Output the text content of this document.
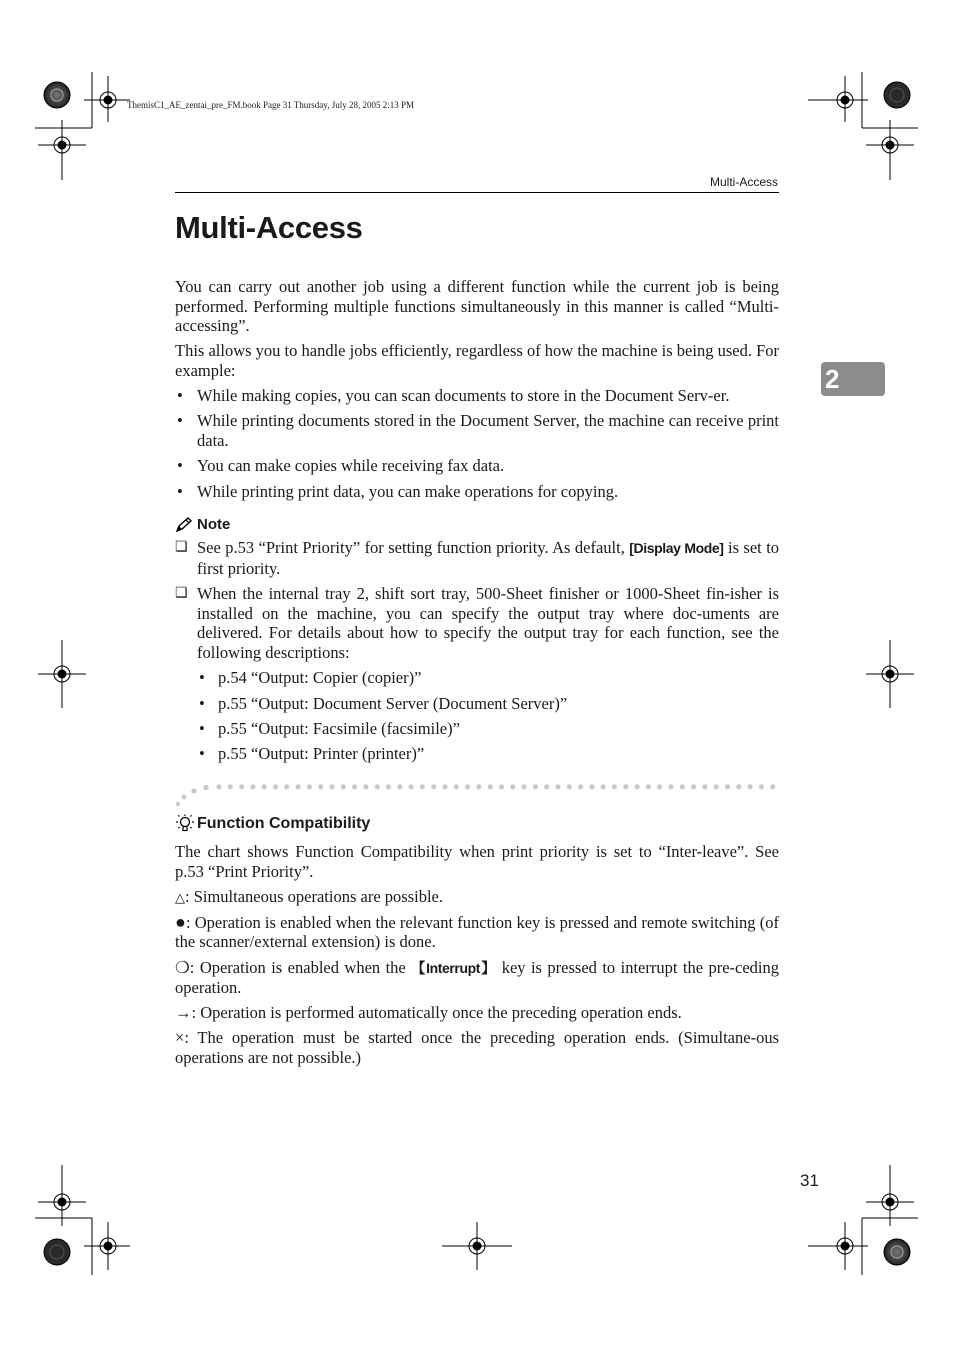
ThemisC1_AE_zentai_pre_FM.book Page 31 Thursday, July 28, 2005 2:13 PM
Multi-Access
2
Multi-Access

You can carry out another job using a different function while the current job is being performed. Performing multiple functions simultaneously in this manner is called “Multi-accessing”.

This allows you to handle jobs efficiently, regardless of how the machine is being used. For example:

• While making copies, you can scan documents to store in the Document Serv-er.
• While printing documents stored in the Document Server, the machine can receive print data.
• You can make copies while receiving fax data.
• While printing print data, you can make operations for copying.
Note
❏ See p.53 “Print Priority” for setting function priority. As default, [Display Mode] is set to first priority.
❏ When the internal tray 2, shift sort tray, 500-Sheet finisher or 1000-Sheet fin-isher is installed on the machine, you can specify the output tray where doc-uments are delivered. For details about how to specify the output tray for each function, see the following descriptions:
• p.54 “Output: Copier (copier)”
• p.55 “Output: Document Server (Document Server)”
• p.55 “Output: Facsimile (facsimile)”
• p.55 “Output: Printer (printer)”
Function Compatibility

The chart shows Function Compatibility when print priority is set to “Inter-leave”. See p.53 “Print Priority”.

△: Simultaneous operations are possible.

●: Operation is enabled when the relevant function key is pressed and remote switching (of the scanner/external extension) is done.

❍: Operation is enabled when the 【Interrupt】 key is pressed to interrupt the pre-ceding operation.

→: Operation is performed automatically once the preceding operation ends.

×: The operation must be started once the preceding operation ends. (Simultane-ous operations are not possible.)

31
